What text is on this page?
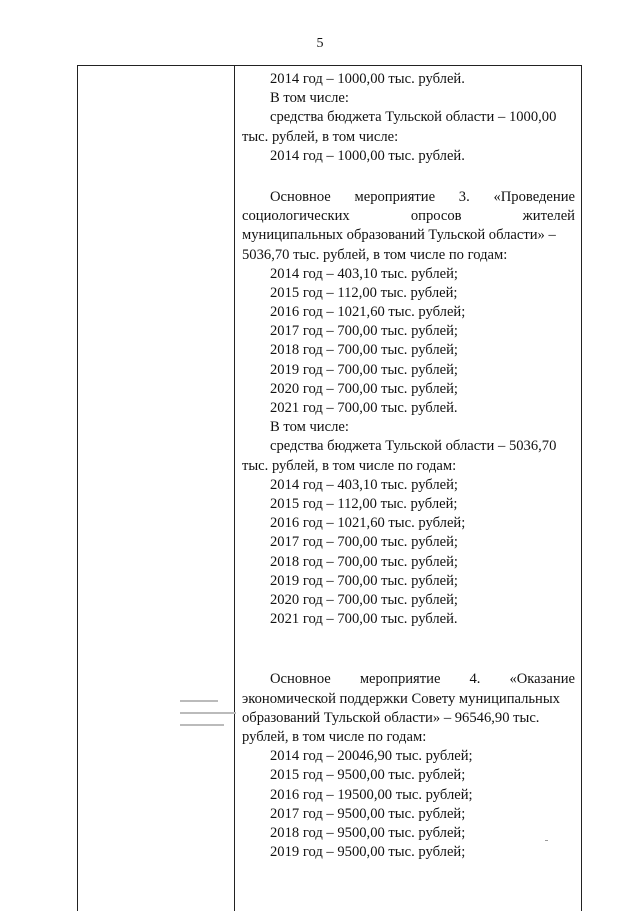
5
2014 год – 1000,00 тыс. рублей.
В том числе:
средства бюджета Тульской области – 1000,00
тыс. рублей, в том числе:
2014 год – 1000,00 тыс. рублей.
Основное мероприятие 3. «Проведение
социологических опросов жителей
муниципальных образований Тульской области» –
5036,70 тыс. рублей, в том числе по годам:
2014 год – 403,10 тыс. рублей;
2015 год – 112,00 тыс. рублей;
2016 год – 1021,60 тыс. рублей;
2017 год – 700,00 тыс. рублей;
2018 год – 700,00 тыс. рублей;
2019 год – 700,00 тыс. рублей;
2020 год – 700,00 тыс. рублей;
2021 год – 700,00 тыс. рублей.
В том числе:
средства бюджета Тульской области – 5036,70
тыс. рублей, в том числе по годам:
2014 год – 403,10 тыс. рублей;
2015 год – 112,00 тыс. рублей;
2016 год – 1021,60 тыс. рублей;
2017 год – 700,00 тыс. рублей;
2018 год – 700,00 тыс. рублей;
2019 год – 700,00 тыс. рублей;
2020 год – 700,00 тыс. рублей;
2021 год – 700,00 тыс. рублей.
Основное мероприятие 4. «Оказание
экономической поддержки Совету муниципальных
образований Тульской области» – 96546,90 тыс.
рублей, в том числе по годам:
2014 год – 20046,90 тыс. рублей;
2015 год – 9500,00 тыс. рублей;
2016 год – 19500,00 тыс. рублей;
2017 год – 9500,00 тыс. рублей;
2018 год – 9500,00 тыс. рублей;
2019 год – 9500,00 тыс. рублей;
